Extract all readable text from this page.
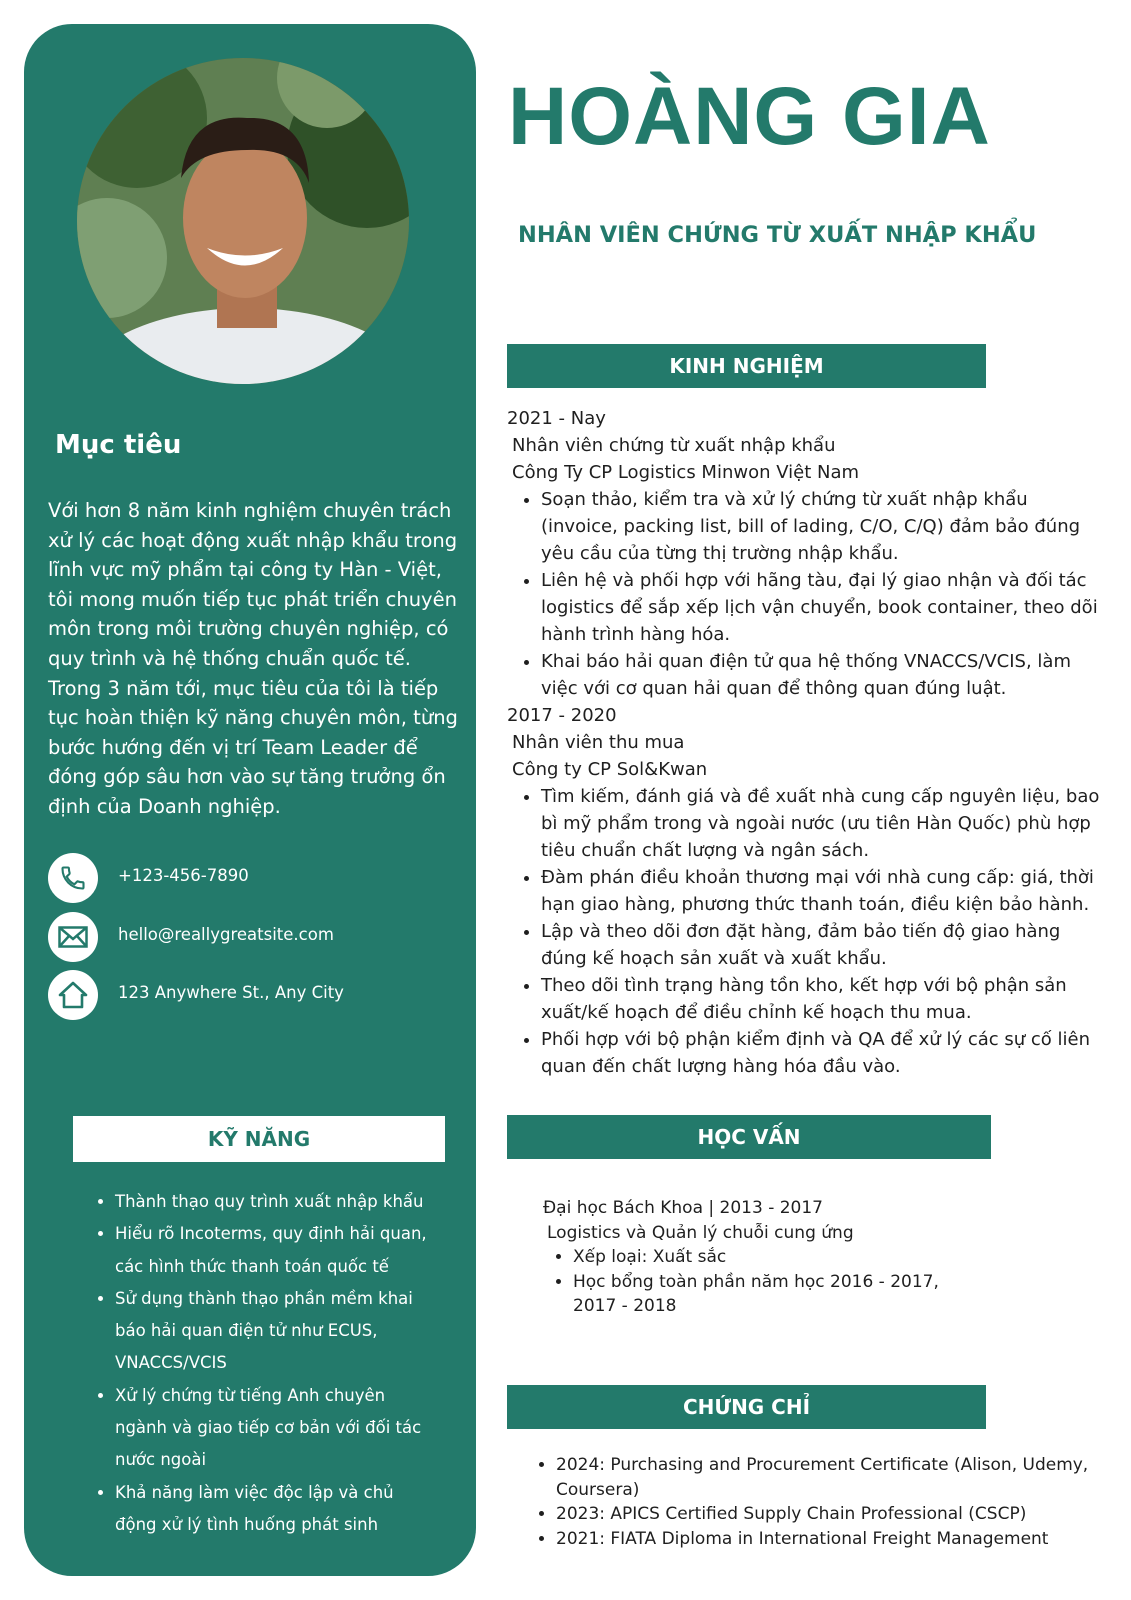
Mục tiêu
Với hơn 8 năm kinh nghiệm chuyên trách xử lý các hoạt động xuất nhập khẩu trong lĩnh vực mỹ phẩm tại công ty Hàn - Việt, tôi mong muốn tiếp tục phát triển chuyên môn trong môi trường chuyên nghiệp, có quy trình và hệ thống chuẩn quốc tế. Trong 3 năm tới, mục tiêu của tôi là tiếp tục hoàn thiện kỹ năng chuyên môn, từng bước hướng đến vị trí Team Leader để đóng góp sâu hơn vào sự tăng trưởng ổn định của Doanh nghiệp.
+123-456-7890
hello@reallygreatsite.com
123 Anywhere St., Any City
KỸ NĂNG
• Thành thạo quy trình xuất nhập khẩu
• Hiểu rõ Incoterms, quy định hải quan, các hình thức thanh toán quốc tế
• Sử dụng thành thạo phần mềm khai báo hải quan điện tử như ECUS, VNACCS/VCIS
• Xử lý chứng từ tiếng Anh chuyên ngành và giao tiếp cơ bản với đối tác nước ngoài
• Khả năng làm việc độc lập và chủ động xử lý tình huống phát sinh
HOÀNG GIA
NHÂN VIÊN CHỨNG TỪ XUẤT NHẬP KHẨU
KINH NGHIỆM
2021 - Nay
Nhân viên chứng từ xuất nhập khẩu
Công Ty CP Logistics Minwon Việt Nam
• Soạn thảo, kiểm tra và xử lý chứng từ xuất nhập khẩu (invoice, packing list, bill of lading, C/O, C/Q) đảm bảo đúng yêu cầu của từng thị trường nhập khẩu.
• Liên hệ và phối hợp với hãng tàu, đại lý giao nhận và đối tác logistics để sắp xếp lịch vận chuyển, book container, theo dõi hành trình hàng hóa.
• Khai báo hải quan điện tử qua hệ thống VNACCS/VCIS, làm việc với cơ quan hải quan để thông quan đúng luật.
2017 - 2020
Nhân viên thu mua
Công ty CP Sol&Kwan
• Tìm kiếm, đánh giá và đề xuất nhà cung cấp nguyên liệu, bao bì mỹ phẩm trong và ngoài nước (ưu tiên Hàn Quốc) phù hợp tiêu chuẩn chất lượng và ngân sách.
• Đàm phán điều khoản thương mại với nhà cung cấp: giá, thời hạn giao hàng, phương thức thanh toán, điều kiện bảo hành.
• Lập và theo dõi đơn đặt hàng, đảm bảo tiến độ giao hàng đúng kế hoạch sản xuất và xuất khẩu.
• Theo dõi tình trạng hàng tồn kho, kết hợp với bộ phận sản xuất/kế hoạch để điều chỉnh kế hoạch thu mua.
• Phối hợp với bộ phận kiểm định và QA để xử lý các sự cố liên quan đến chất lượng hàng hóa đầu vào.
HỌC VẤN
Đại học Bách Khoa | 2013 - 2017
Logistics và Quản lý chuỗi cung ứng
• Xếp loại: Xuất sắc
• Học bổng toàn phần năm học 2016 - 2017, 2017 - 2018
CHỨNG CHỈ
• 2024: Purchasing and Procurement Certificate (Alison, Udemy, Coursera)
• 2023: APICS Certified Supply Chain Professional (CSCP)
• 2021: FIATA Diploma in International Freight Management
